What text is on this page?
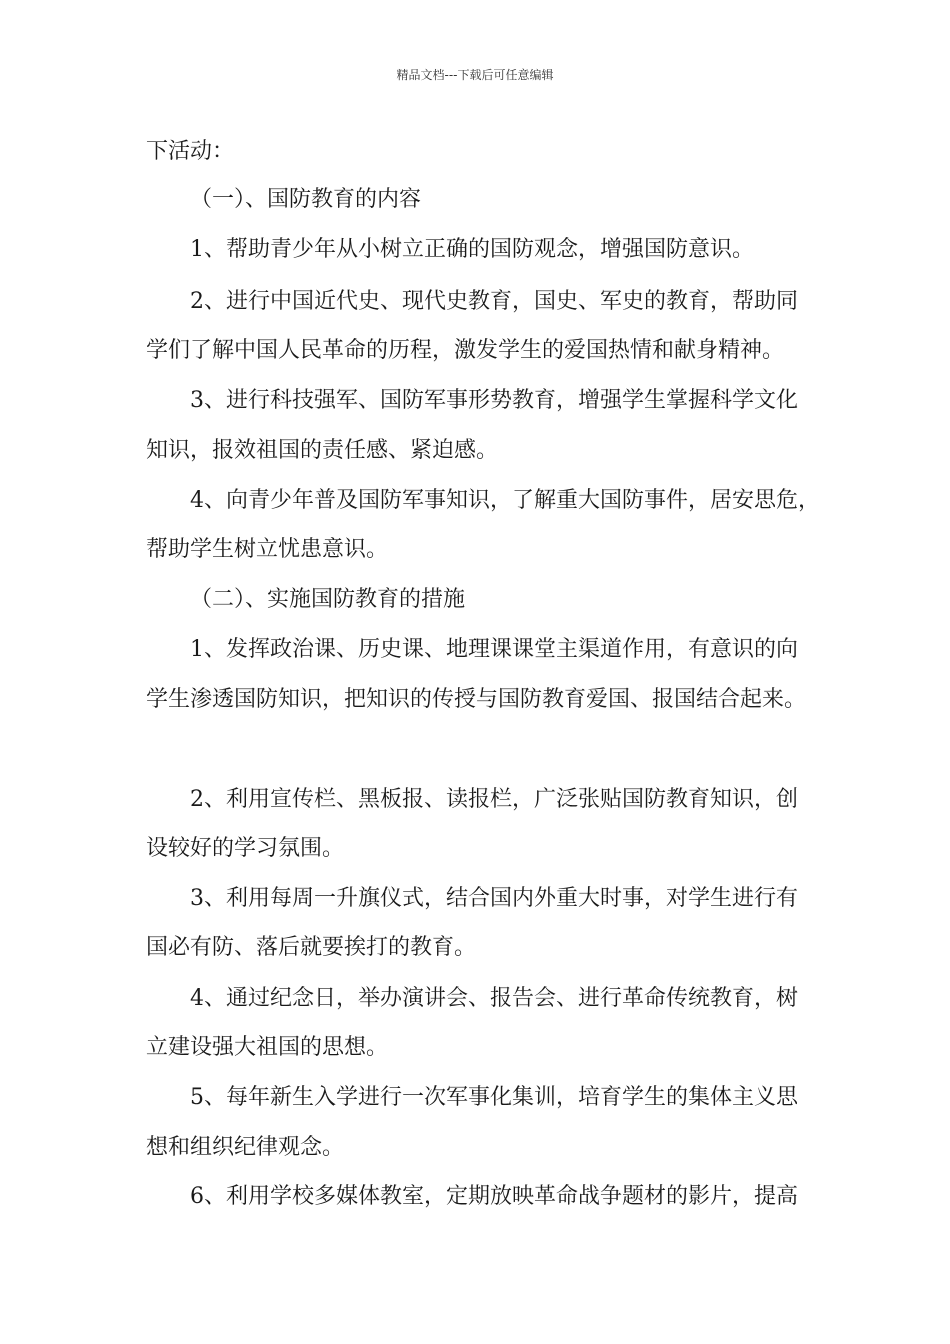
精品文档---下载后可任意编辑
下活动：
（一）、国防教育的内容
1、帮助青少年从小树立正确的国防观念，增强国防意识。
2、进行中国近代史、现代史教育，国史、军史的教育，帮助同
学们了解中国人民革命的历程，激发学生的爱国热情和献身精神。
3、进行科技强军、国防军事形势教育，增强学生掌握科学文化
知识，报效祖国的责任感、紧迫感。
4、向青少年普及国防军事知识，了解重大国防事件，居安思危，
帮助学生树立忧患意识。
（二）、实施国防教育的措施
1、发挥政治课、历史课、地理课课堂主渠道作用，有意识的向
学生渗透国防知识，把知识的传授与国防教育爱国、报国结合起来。
2、利用宣传栏、黑板报、读报栏，广泛张贴国防教育知识，创
设较好的学习氛围。
3、利用每周一升旗仪式，结合国内外重大时事，对学生进行有
国必有防、落后就要挨打的教育。
4、通过纪念日，举办演讲会、报告会、进行革命传统教育，树
立建设强大祖国的思想。
5、每年新生入学进行一次军事化集训，培育学生的集体主义思
想和组织纪律观念。
6、利用学校多媒体教室，定期放映革命战争题材的影片，提高
